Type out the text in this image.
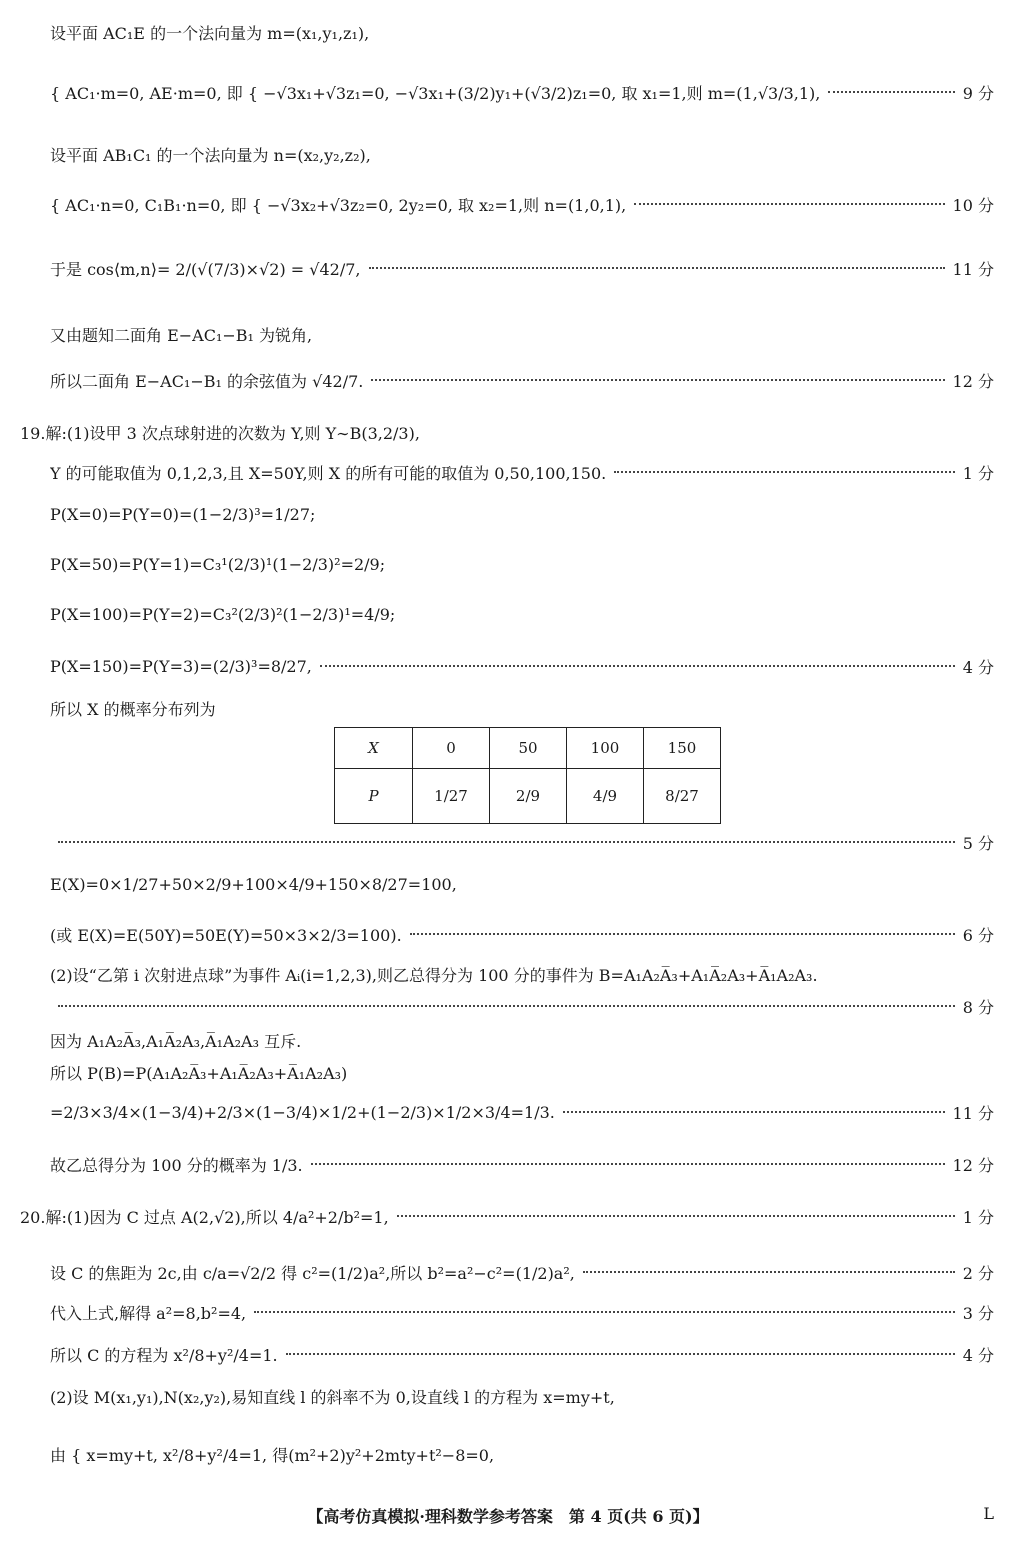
设平面 AC₁E 的一个法向量为 m=(x₁,y₁,z₁),
{ AC₁·m=0, AE·m=0, 即 { −√3x₁+√3z₁=0, −√3x₁+(3/2)y₁+(√3/2)z₁=0, 取 x₁=1,则 m=(1,√3/3,1),	9 分
设平面 AB₁C₁ 的一个法向量为 n=(x₂,y₂,z₂),
{ AC₁·n=0, C₁B₁·n=0, 即 { −√3x₂+√3z₂=0, 2y₂=0, 取 x₂=1,则 n=(1,0,1),	10 分
于是 cos⟨m,n⟩= 2/(√(7/3)×√2) = √42/7,	11 分
又由题知二面角 E−AC₁−B₁ 为锐角,
所以二面角 E−AC₁−B₁ 的余弦值为 √42/7.	12 分
19.解:(1)设甲 3 次点球射进的次数为 Y,则 Y∼B(3,2/3),
Y 的可能取值为 0,1,2,3,且 X=50Y,则 X 的所有可能的取值为 0,50,100,150.	1 分
P(X=0)=P(Y=0)=(1−2/3)³=1/27;
P(X=50)=P(Y=1)=C₃¹(2/3)¹(1−2/3)²=2/9;
P(X=100)=P(Y=2)=C₃²(2/3)²(1−2/3)¹=4/9;
P(X=150)=P(Y=3)=(2/3)³=8/27,	4 分
所以 X 的概率分布列为
5 分
E(X)=0×1/27+50×2/9+100×4/9+150×8/27=100,
(或 E(X)=E(50Y)=50E(Y)=50×3×2/3=100).	6 分
(2)设“乙第 i 次射进点球”为事件 Aᵢ(i=1,2,3),则乙总得分为 100 分的事件为 B=A₁A₂A̅₃+A₁A̅₂A₃+A̅₁A₂A₃.
8 分
因为 A₁A₂A̅₃,A₁A̅₂A₃,A̅₁A₂A₃ 互斥.
所以 P(B)=P(A₁A₂A̅₃+A₁A̅₂A₃+A̅₁A₂A₃)
=2/3×3/4×(1−3/4)+2/3×(1−3/4)×1/2+(1−2/3)×1/2×3/4=1/3.	11 分
故乙总得分为 100 分的概率为 1/3.	12 分
20.解:(1)因为 C 过点 A(2,√2),所以 4/a²+2/b²=1,	1 分
设 C 的焦距为 2c,由 c/a=√2/2 得 c²=(1/2)a²,所以 b²=a²−c²=(1/2)a²,	2 分
代入上式,解得 a²=8,b²=4,	3 分
所以 C 的方程为 x²/8+y²/4=1.	4 分
(2)设 M(x₁,y₁),N(x₂,y₂),易知直线 l 的斜率不为 0,设直线 l 的方程为 x=my+t,
由 { x=my+t, x²/8+y²/4=1, 得(m²+2)y²+2mty+t²−8=0,
X	0	50	100	150
P	1/27	2/9	4/9	8/27
【高考仿真模拟·理科数学参考答案　第 4 页(共 6 页)】	L
